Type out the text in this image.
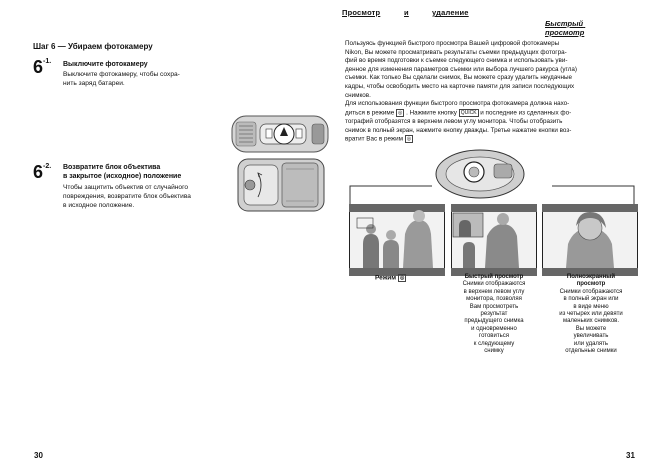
Просмотр	и	удаление
Быстрый  просмотр
Шаг 6 — Убираем фотокамеру
$6^{-1.}$ Выключите фотокамеру
Выключите фотокамеру, чтобы сохра-
нить заряд батареи.
$6^{-2.}$ Возвратите блок объектива
в закрытое (исходное) положение
Чтобы защитить объектив от случайного
повреждения, возвратите блок объектива
в исходное положение.
30
Пользуясь функцией быстрого просмотра Вашей цифровой фотокамеры
Nikon, Вы можете просматривать результаты съемки предыдущих фотогра-
фий во время подготовки к съемке следующего снимка и использовать уви-
денное для изменения параметров съемки или выбора лучшего ракурса (угла)
съемки. Как только Вы сделали снимок, Вы можете сразу удалить неудачные
кадры, чтобы освободить место на карточке памяти для записи последующих
снимков.
Для использования функции быстрого просмотра фотокамера должна нахо-
диться в режиме ◎ . Нажмите кнопку QUICK и последние из сделанных фо-
тографий отобразятся в верхнем левом углу монитора. Чтобы отобразить
снимок в полный экран, нажмите кнопку дважды. Третье нажатие кнопки воз-
вратит Вас в режим ◎
Режим ◎	Быстрый просмотр
Снимки отображаются
в верхнем левом углу
монитора, позволяя
Вам просмотреть
результат
предыдущего снимка
и одновременно
готовиться
к следующему
снимку
Полноэкранный
просмотр
Снимки отображаются
в полный экран или
в виде меню
из четырех или девяти
маленьких снимков.
Вы можете
увеличивать
или удалять
отдельные снимки
31
